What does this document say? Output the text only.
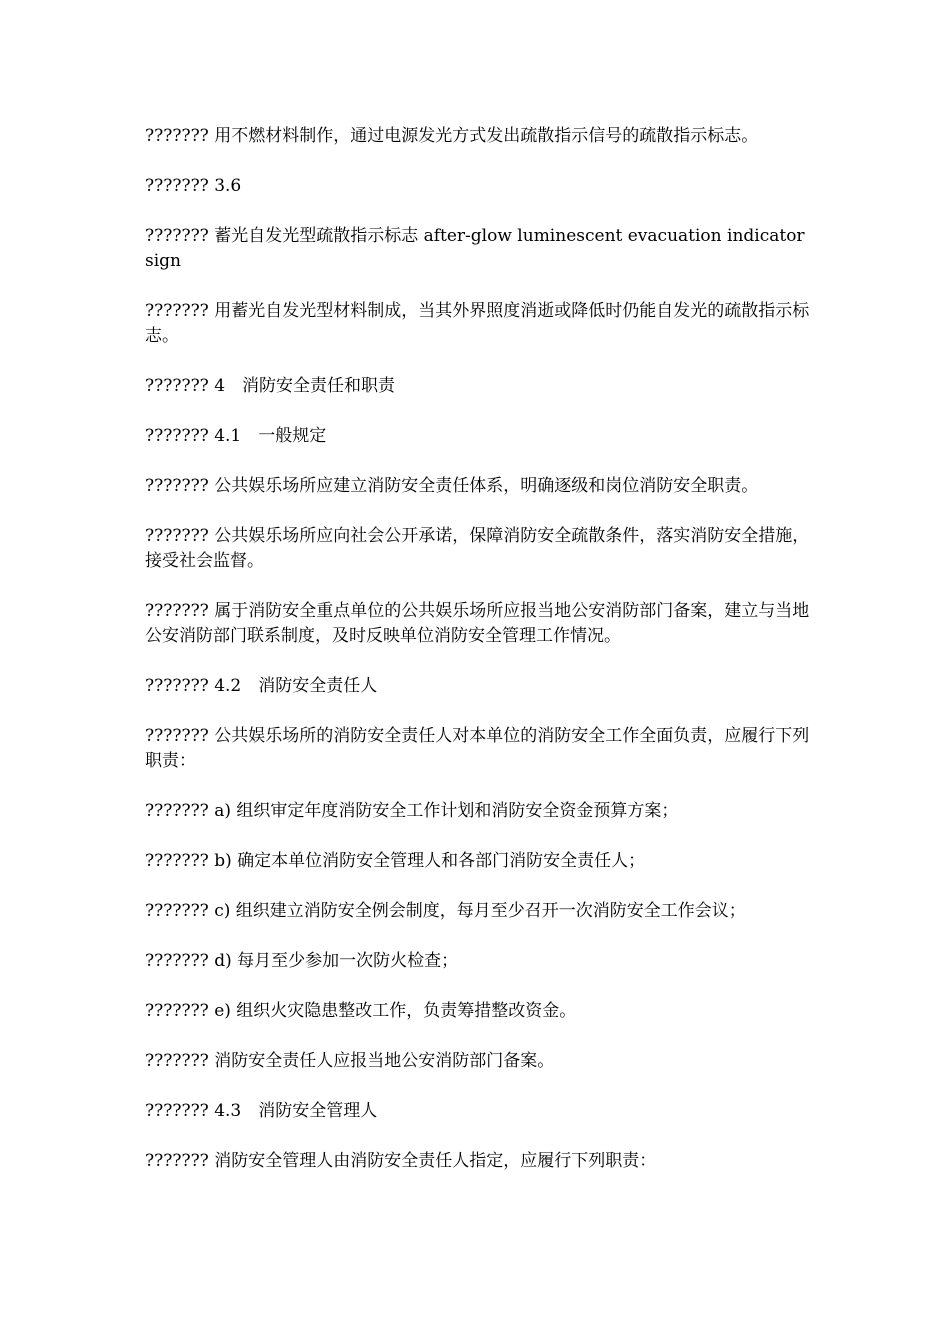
??????? 用不燃材料制作，通过电源发光方式发出疏散指示信号的疏散指示标志。

??????? 3.6

??????? 蓄光自发光型疏散指示标志 after-glow luminescent evacuation indicator sign

??????? 用蓄光自发光型材料制成，当其外界照度消逝或降低时仍能自发光的疏散指示标志。

??????? 4　消防安全责任和职责

??????? 4.1　一般规定

??????? 公共娱乐场所应建立消防安全责任体系，明确逐级和岗位消防安全职责。

??????? 公共娱乐场所应向社会公开承诺，保障消防安全疏散条件，落实消防安全措施，接受社会监督。

??????? 属于消防安全重点单位的公共娱乐场所应报当地公安消防部门备案，建立与当地公安消防部门联系制度，及时反映单位消防安全管理工作情况。

??????? 4.2　消防安全责任人

??????? 公共娱乐场所的消防安全责任人对本单位的消防安全工作全面负责，应履行下列职责：

??????? a) 组织审定年度消防安全工作计划和消防安全资金预算方案；

??????? b) 确定本单位消防安全管理人和各部门消防安全责任人；

??????? c) 组织建立消防安全例会制度，每月至少召开一次消防安全工作会议；

??????? d) 每月至少参加一次防火检查；

??????? e) 组织火灾隐患整改工作，负责筹措整改资金。

??????? 消防安全责任人应报当地公安消防部门备案。

??????? 4.3　消防安全管理人

??????? 消防安全管理人由消防安全责任人指定，应履行下列职责：
